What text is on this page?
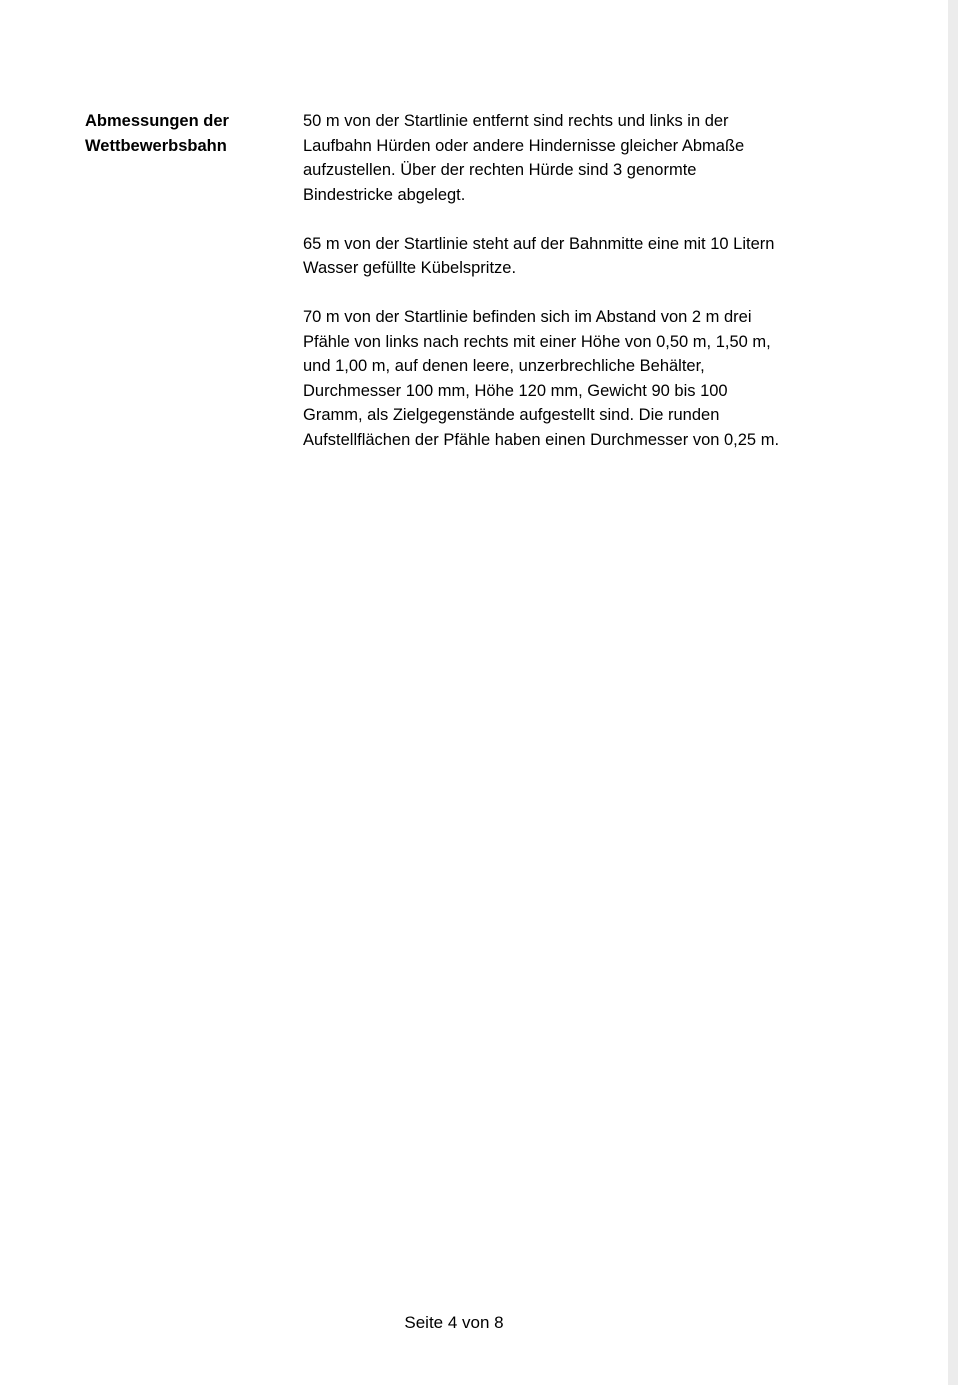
Abmessungen der
Wettbewerbsbahn
50 m von der Startlinie entfernt sind rechts und links in der
Laufbahn Hürden oder andere Hindernisse gleicher Abmaße
aufzustellen. Über der rechten Hürde sind 3 genormte
Bindestricke abgelegt.
65 m von der Startlinie steht auf der Bahnmitte eine mit 10 Litern
Wasser gefüllte Kübelspritze.
70 m von der Startlinie befinden sich im Abstand von 2 m drei
Pfähle von links nach rechts mit einer Höhe von 0,50 m, 1,50 m,
und 1,00 m, auf denen leere, unzerbrechliche Behälter,
Durchmesser 100 mm, Höhe 120 mm, Gewicht 90 bis 100
Gramm, als Zielgegenstände aufgestellt sind. Die runden
Aufstellflächen der Pfähle haben einen Durchmesser von 0,25 m.
Seite 4 von 8
